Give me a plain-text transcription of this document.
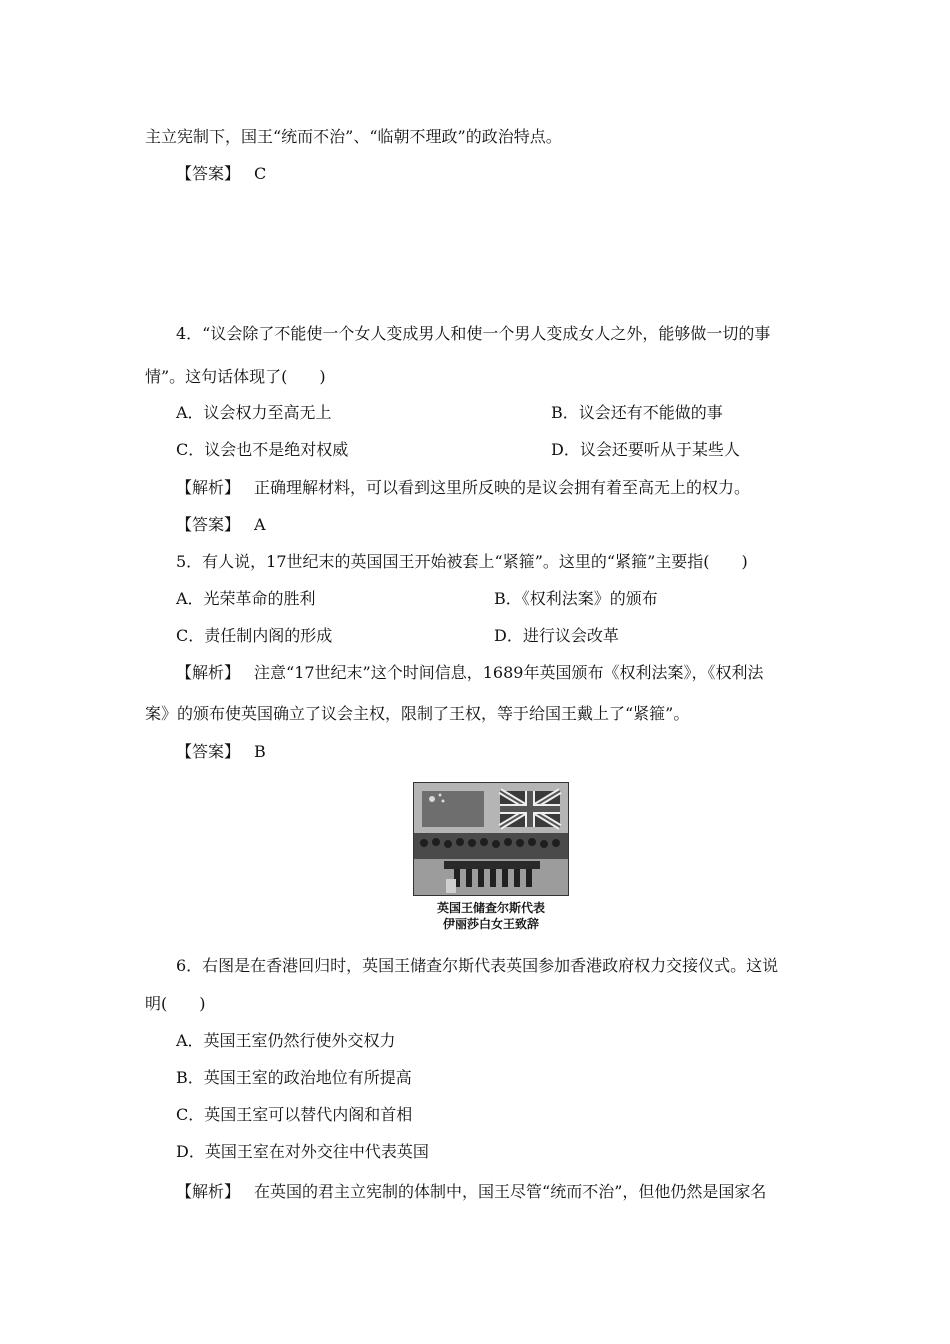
主立宪制下，国王“统而不治”、“临朝不理政”的政治特点。
【答案】 C
4．“议会除了不能使一个女人变成男人和使一个男人变成女人之外，能够做一切的事
情”。这句话体现了(　　)
A．议会权力至高无上	B．议会还有不能做的事
C．议会也不是绝对权威	D．议会还要听从于某些人
【解析】 正确理解材料，可以看到这里所反映的是议会拥有着至高无上的权力。
【答案】 A
5．有人说，17世纪末的英国国王开始被套上“紧箍”。这里的“紧箍”主要指(　　)
A．光荣革命的胜利	B．《权利法案》的颁布
C．责任制内阁的形成	D．进行议会改革
【解析】 注意“17世纪末”这个时间信息，1689年英国颁布《权利法案》，《权利法
案》的颁布使英国确立了议会主权，限制了王权，等于给国王戴上了“紧箍”。
【答案】 B
英国王储查尔斯代表
伊丽莎白女王致辞
6．右图是在香港回归时，英国王储查尔斯代表英国参加香港政府权力交接仪式。这说
明(　　)
A．英国王室仍然行使外交权力
B．英国王室的政治地位有所提高
C．英国王室可以替代内阁和首相
D．英国王室在对外交往中代表英国
【解析】 在英国的君主立宪制的体制中，国王尽管“统而不治”，但他仍然是国家名
